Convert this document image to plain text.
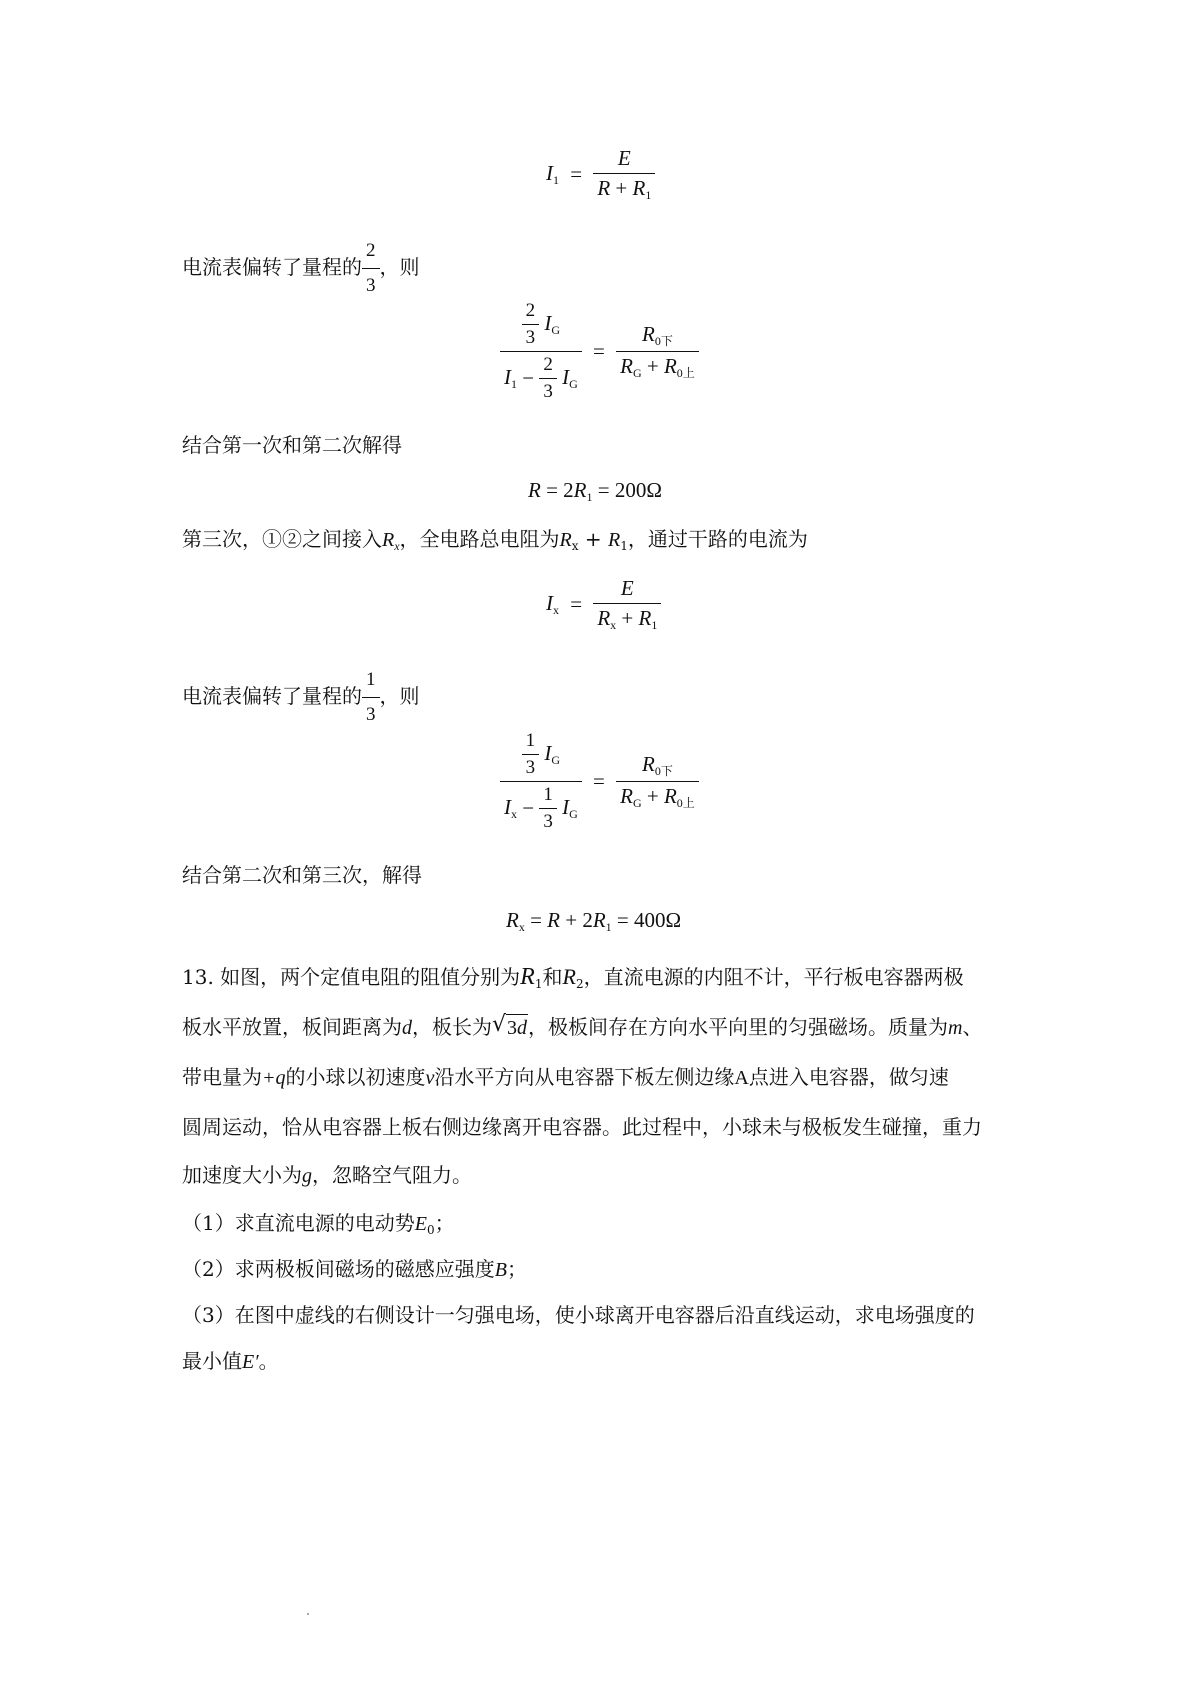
$I_1 = \frac{E}{R + R_1}$
电流表偏转了量程的 $\frac{2}{3}$ ，则
$\frac{\frac{2}{3} I_G}{I_1 - \frac{2}{3} I_G} = \frac{R_{0下}}{R_G + R_{0上}}$
结合第一次和第二次解得
$R = 2R_1 = 200\Omega$
第三次，①②之间接入$R_x$，全电路总电阻为$R_x + R_1$，通过干路的电流为
$I_x = \frac{E}{R_x + R_1}$
电流表偏转了量程的 $\frac{1}{3}$ ，则
$\frac{\frac{1}{3} I_G}{I_x - \frac{1}{3} I_G} = \frac{R_{0下}}{R_G + R_{0上}}$
结合第二次和第三次，解得
$R_x = R + 2R_1 = 400\Omega$
13. 如图，两个定值电阻的阻值分别为$R_1$和$R_2$，直流电源的内阻不计，平行板电容器两极
板水平放置，板间距离为d，板长为 √ 3d，极板间存在方向水平向里的匀强磁场。质量为m、
带电量为+q的小球以初速度v沿水平方向从电容器下板左侧边缘A点进入电容器，做匀速
圆周运动，恰从电容器上板右侧边缘离开电容器。此过程中，小球未与极板发生碰撞，重力
加速度大小为g，忽略空气阻力。
（1）求直流电源的电动势$E_0$；
（2）求两极板间磁场的磁感应强度B；
（3）在图中虚线的右侧设计一匀强电场，使小球离开电容器后沿直线运动，求电场强度的
最小值E′。
